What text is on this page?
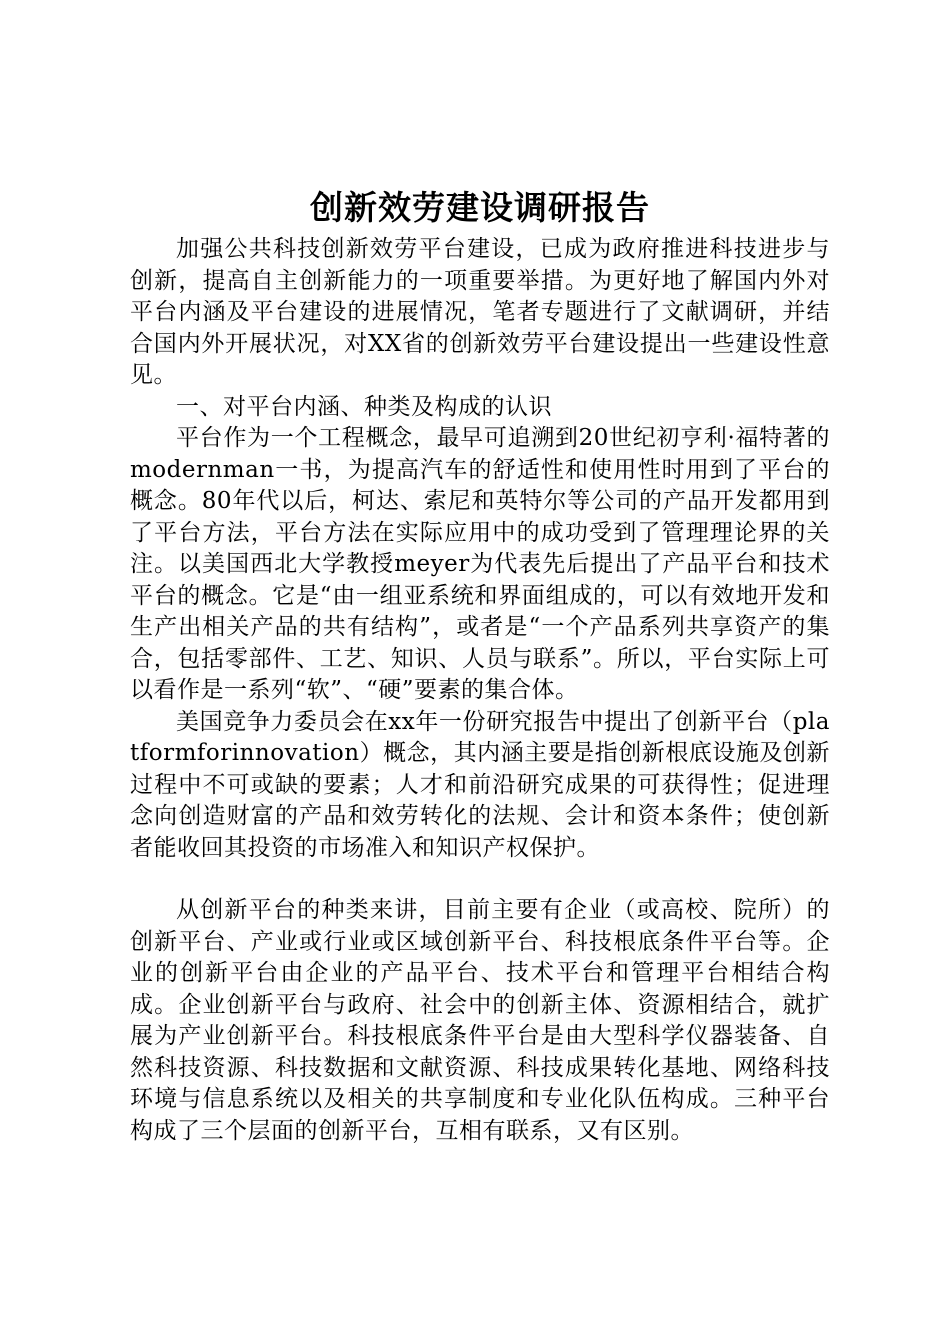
创新效劳建设调研报告

加强公共科技创新效劳平台建设，已成为政府推进科技进步与创新，提高自主创新能力的一项重要举措。为更好地了解国内外对平台内涵及平台建设的进展情况，笔者专题进行了文献调研，并结合国内外开展状况，对XX省的创新效劳平台建设提出一些建设性意见。

一、对平台内涵、种类及构成的认识

平台作为一个工程概念，最早可追溯到20世纪初亨利·福特著的modernman一书，为提高汽车的舒适性和使用性时用到了平台的概念。80年代以后，柯达、索尼和英特尔等公司的产品开发都用到了平台方法，平台方法在实际应用中的成功受到了管理理论界的关注。以美国西北大学教授meyer为代表先后提出了产品平台和技术平台的概念。它是“由一组亚系统和界面组成的，可以有效地开发和生产出相关产品的共有结构”，或者是“一个产品系列共享资产的集合，包括零部件、工艺、知识、人员与联系”。所以，平台实际上可以看作是一系列“软”、“硬”要素的集合体。

美国竞争力委员会在xx年一份研究报告中提出了创新平台（platformforinnovation）概念，其内涵主要是指创新根底设施及创新过程中不可或缺的要素；人才和前沿研究成果的可获得性；促进理念向创造财富的产品和效劳转化的法规、会计和资本条件；使创新者能收回其投资的市场准入和知识产权保护。

从创新平台的种类来讲，目前主要有企业（或高校、院所）的创新平台、产业或行业或区域创新平台、科技根底条件平台等。企业的创新平台由企业的产品平台、技术平台和管理平台相结合构成。企业创新平台与政府、社会中的创新主体、资源相结合，就扩展为产业创新平台。科技根底条件平台是由大型科学仪器装备、自然科技资源、科技数据和文献资源、科技成果转化基地、网络科技环境与信息系统以及相关的共享制度和专业化队伍构成。三种平台构成了三个层面的创新平台，互相有联系，又有区别。
